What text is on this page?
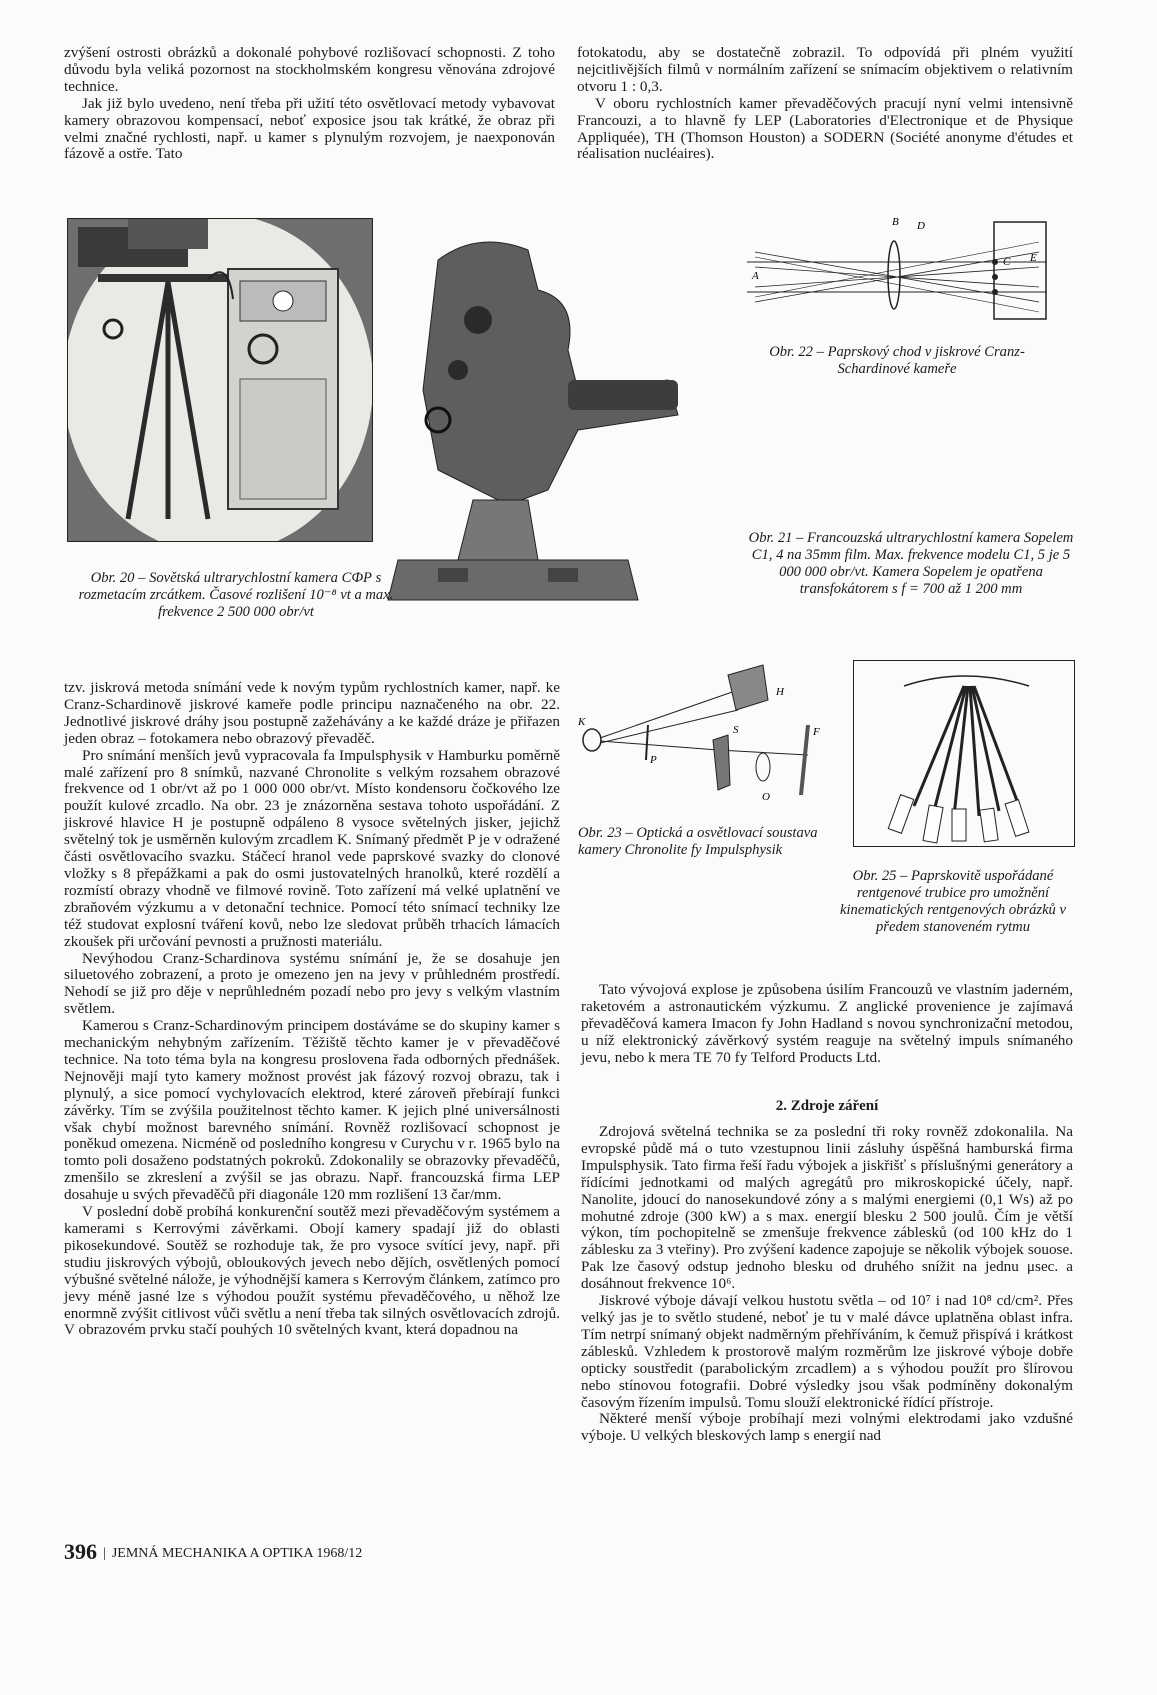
zvýšení ostrosti obrázků a dokonalé pohybové rozlišovací schopnosti. Z toho důvodu byla veliká pozornost na stockholmském kongresu věnována zdrojové technice.

Jak již bylo uvedeno, není třeba při užití této osvětlovací metody vybavovat kamery obrazovou kompensací, neboť exposice jsou tak krátké, že obraz při velmi značné rychlosti, např. u kamer s plynulým rozvojem, je naexponován fázově a ostře. Tato

fotokatodu, aby se dostatečně zobrazil. To odpovídá při plném využití nejcitlivějších filmů v normálním zařízení se snímacím objektivem o relativním otvoru 1 : 0,3.

V oboru rychlostních kamer převaděčových pracují nyní velmi intensivně Francouzi, a to hlavně fy LEP (Laboratories d'Electronique et de Physique Appliquée), TH (Thomson Houston) a SODERN (Société anonyme d'études et réalisation nucléaires).

B D
A
C E
Obr. 22 – Paprskový chod v jiskrové Cranz-Schardinové kameře
Obr. 21 – Francouzská ultrarychlostní kamera Sopelem C1, 4 na 35mm film. Max. frekvence modelu C1, 5 je 5 000 000 obr/vt. Kamera Sopelem je opatřena transfokátorem s f = 700 až 1 200 mm
Obr. 20 – Sovětská ultrarychlostní kamera СФР s rozmetacím zrcátkem. Časové rozlišení 10⁻⁸ vt a max. frekvence 2 500 000 obr/vt
H
S
K
P
F
O
Obr. 23 – Optická a osvětlovací soustava kamery Chronolite fy Impulsphysik
Obr. 25 – Paprskovitě uspořádané rentgenové trubice pro umožnění kinematických rentgenových obrázků v předem stanoveném rytmu

tzv. jiskrová metoda snímání vede k novým typům rychlostních kamer, např. ke Cranz-Schardinově jiskrové kameře podle principu naznačeného na obr. 22. Jednotlivé jiskrové dráhy jsou postupně zažehávány a ke každé dráze je přiřazen jeden obraz – fotokamera nebo obrazový převaděč.

Pro snímání menších jevů vypracovala fa Impulsphysik v Hamburku poměrně malé zařízení pro 8 snímků, nazvané Chronolite s velkým rozsahem obrazové frekvence od 1 obr/vt až po 1 000 000 obr/vt. Místo kondensoru čočkového lze použít kulové zrcadlo. Na obr. 23 je znázorněna sestava tohoto uspořádání. Z jiskrové hlavice H je postupně odpáleno 8 vysoce světelných jisker, jejichž světelný tok je usměrněn kulovým zrcadlem K. Snímaný předmět P je v odražené části osvětlovacího svazku. Stáčecí hranol vede paprskové svazky do clonové vložky s 8 přepážkami a pak do osmi justovatelných hranolků, které rozdělí a rozmístí obrazy vhodně ve filmové rovině. Toto zařízení má velké uplatnění ve zbraňovém výzkumu a v detonační technice. Pomocí této snímací techniky lze též studovat explosní tváření kovů, nebo lze sledovat průběh trhacích lámacích zkoušek při určování pevnosti a pružnosti materiálu.

Nevýhodou Cranz-Schardinova systému snímání je, že se dosahuje jen siluetového zobrazení, a proto je omezeno jen na jevy v průhledném prostředí. Nehodí se již pro děje v neprůhledném pozadí nebo pro jevy s velkým vlastním světlem.

Kamerou s Cranz-Schardinovým principem dostáváme se do skupiny kamer s mechanickým nehybným zařízením. Těžiště těchto kamer je v převaděčové technice. Na toto téma byla na kongresu proslovena řada odborných přednášek. Nejnověji mají tyto kamery možnost provést jak fázový rozvoj obrazu, tak i plynulý, a sice pomocí vychylovacích elektrod, které zároveň přebírají funkci závěrky. Tím se zvýšila použitelnost těchto kamer. K jejich plné universálnosti však chybí možnost barevného snímání. Rovněž rozlišovací schopnost je poněkud omezena. Nicméně od posledního kongresu v Curychu v r. 1965 bylo na tomto poli dosaženo podstatných pokroků. Zdokonalily se obrazovky převaděčů, zmenšilo se zkreslení a zvýšil se jas obrazu. Např. francouzská firma LEP dosahuje u svých převaděčů při diagonále 120 mm rozlišení 13 čar/mm.

V poslední době probíhá konkurenční soutěž mezi převaděčovým systémem a kamerami s Kerrovými závěrkami. Obojí kamery spadají již do oblasti pikosekundové. Soutěž se rozhoduje tak, že pro vysoce svítící jevy, např. při studiu jiskrových výbojů, obloukových jevech nebo dějích, osvětlených pomocí výbušné světelné nálože, je výhodnější kamera s Kerrovým článkem, zatímco pro jevy méně jasné lze s výhodou použít systému převaděčového, u něhož lze enormně zvýšit citlivost vůči světlu a není třeba tak silných osvětlovacích zdrojů. V obrazovém prvku stačí pouhých 10 světelných kvant, která dopadnou na

Tato vývojová explose je způsobena úsilím Francouzů ve vlastním jaderném, raketovém a astronautickém výzkumu. Z anglické provenience je zajímavá převaděčová kamera Imacon fy John Hadland s novou synchronizační metodou, u níž elektronický závěrkový systém reaguje na světelný impuls snímaného jevu, nebo k mera TE 70 fy Telford Products Ltd.

2. Zdroje záření

Zdrojová světelná technika se za poslední tři roky rovněž zdokonalila. Na evropské půdě má o tuto vzestupnou linii zásluhy úspěšná hamburská firma Impulsphysik. Tato firma řeší řadu výbojek a jiskřišť s příslušnými generátory a řídícími jednotkami od malých agregátů pro mikroskopické účely, např. Nanolite, jdoucí do nanosekundové zóny a s malými energiemi (0,1 Ws) až po mohutné zdroje (300 kW) a s max. energií blesku 2 500 joulů. Čím je větší výkon, tím pochopitelně se zmenšuje frekvence záblesků (od 100 kHz do 1 záblesku za 3 vteřiny). Pro zvýšení kadence zapojuje se několik výbojek souose. Pak lze časový odstup jednoho blesku od druhého snížit na jednu μsec. a dosáhnout frekvence 10⁶.

Jiskrové výboje dávají velkou hustotu světla – od 10⁷ i nad 10⁸ cd/cm². Přes velký jas je to světlo studené, neboť je tu v malé dávce uplatněna oblast infra. Tím netrpí snímaný objekt nadměrným přehříváním, k čemuž přispívá i krátkost záblesků. Vzhledem k prostorově malým rozměrům lze jiskrové výboje dobře opticky soustředit (parabolickým zrcadlem) a s výhodou použít pro šlírovou nebo stínovou fotografii. Dobré výsledky jsou však podmíněny dokonalým časovým řízením impulsů. Tomu slouží elektronické řídící přístroje.

Některé menší výboje probíhají mezi volnými elektrodami jako vzdušné výboje. U velkých bleskových lamp s energií nad

396 | JEMNÁ MECHANIKA A OPTIKA 1968/12
